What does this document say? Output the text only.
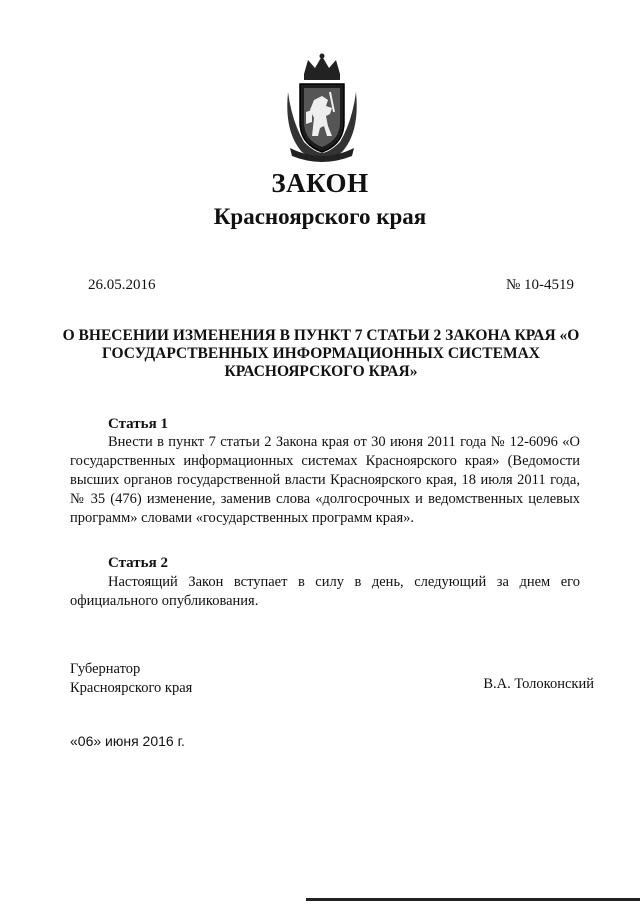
ЗАКОН
Красноярского края
26.05.2016	№ 10-4519
О ВНЕСЕНИИ ИЗМЕНЕНИЯ В ПУНКТ 7 СТАТЬИ 2 ЗАКОНА КРАЯ «О ГОСУДАРСТВЕННЫХ ИНФОРМАЦИОННЫХ СИСТЕМАХ КРАСНОЯРСКОГО КРАЯ»
Статья 1

Внести в пункт 7 статьи 2 Закона края от 30 июня 2011 года № 12-6096 «О государственных информационных системах Красноярского края» (Ведомости высших органов государственной власти Красноярского края, 18 июля 2011 года, № 35 (476) изменение, заменив слова «долгосрочных и ведомственных целевых программ» словами «государственных программ края».

Статья 2

Настоящий Закон вступает в силу в день, следующий за днем его официального опубликования.

Губернатор
Красноярского края	В.А. Толоконский
«06» июня 2016 г.
